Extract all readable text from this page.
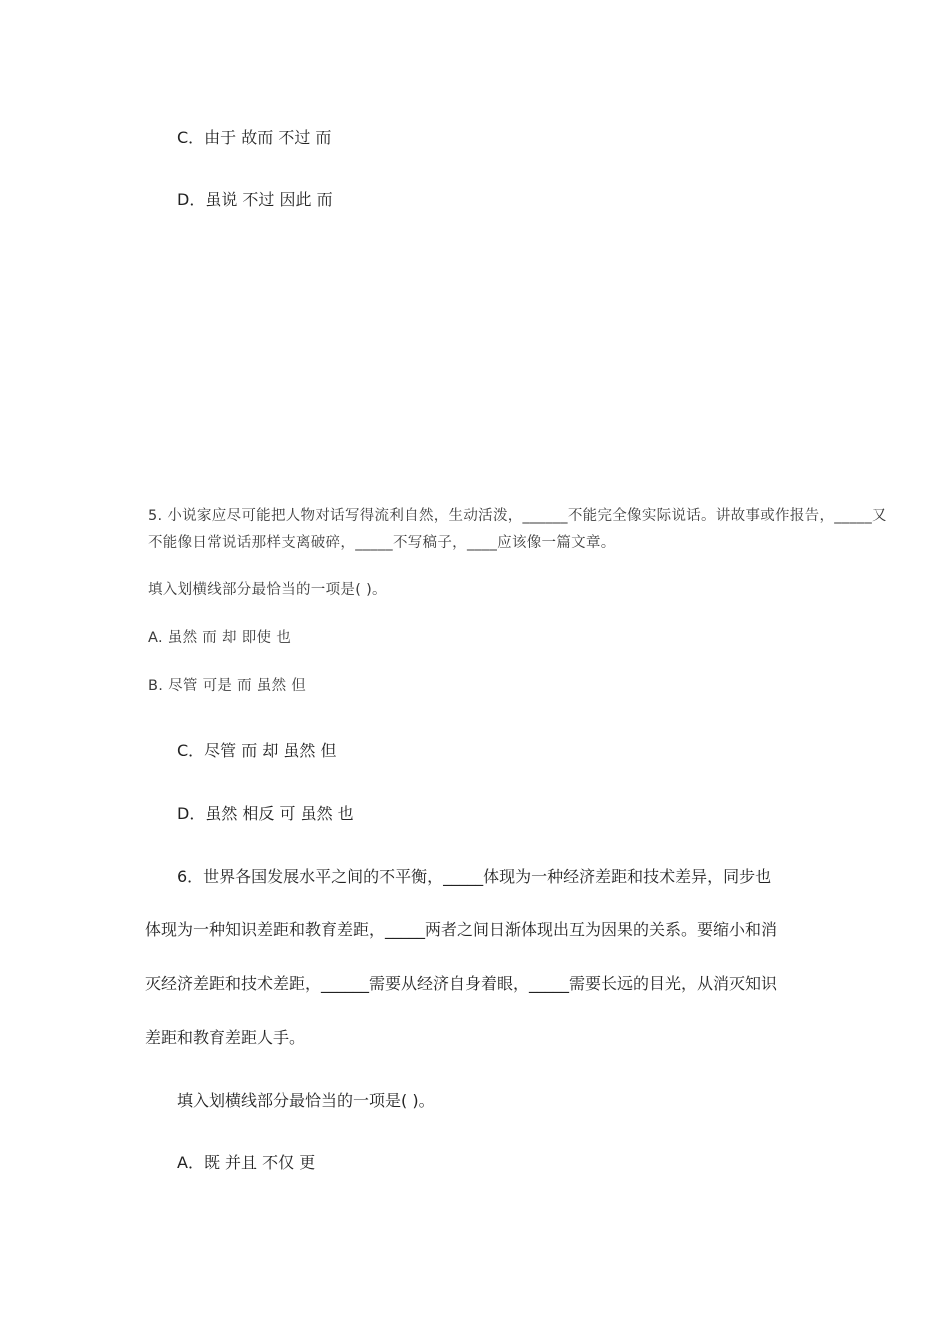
C．由于 故而 不过 而
D．虽说 不过 因此 而
5. 小说家应尽可能把人物对话写得流利自然，生动活泼，______不能完全像实际说话。讲故事或作报告，_____又
不能像日常说话那样支离破碎，_____不写稿子，____应该像一篇文章。
填入划横线部分最恰当的一项是( )。
A. 虽然 而 却 即使 也
B. 尽管 可是 而 虽然 但
C．尽管 而 却 虽然 但
D．虽然 相反 可 虽然 也
6．世界各国发展水平之间的不平衡，_____体现为一种经济差距和技术差异，同步也
体现为一种知识差距和教育差距，_____两者之间日渐体现出互为因果的关系。要缩小和消
灭经济差距和技术差距，______需要从经济自身着眼，_____需要长远的目光，从消灭知识
差距和教育差距人手。
填入划横线部分最恰当的一项是( )。
A．既 并且 不仅 更
